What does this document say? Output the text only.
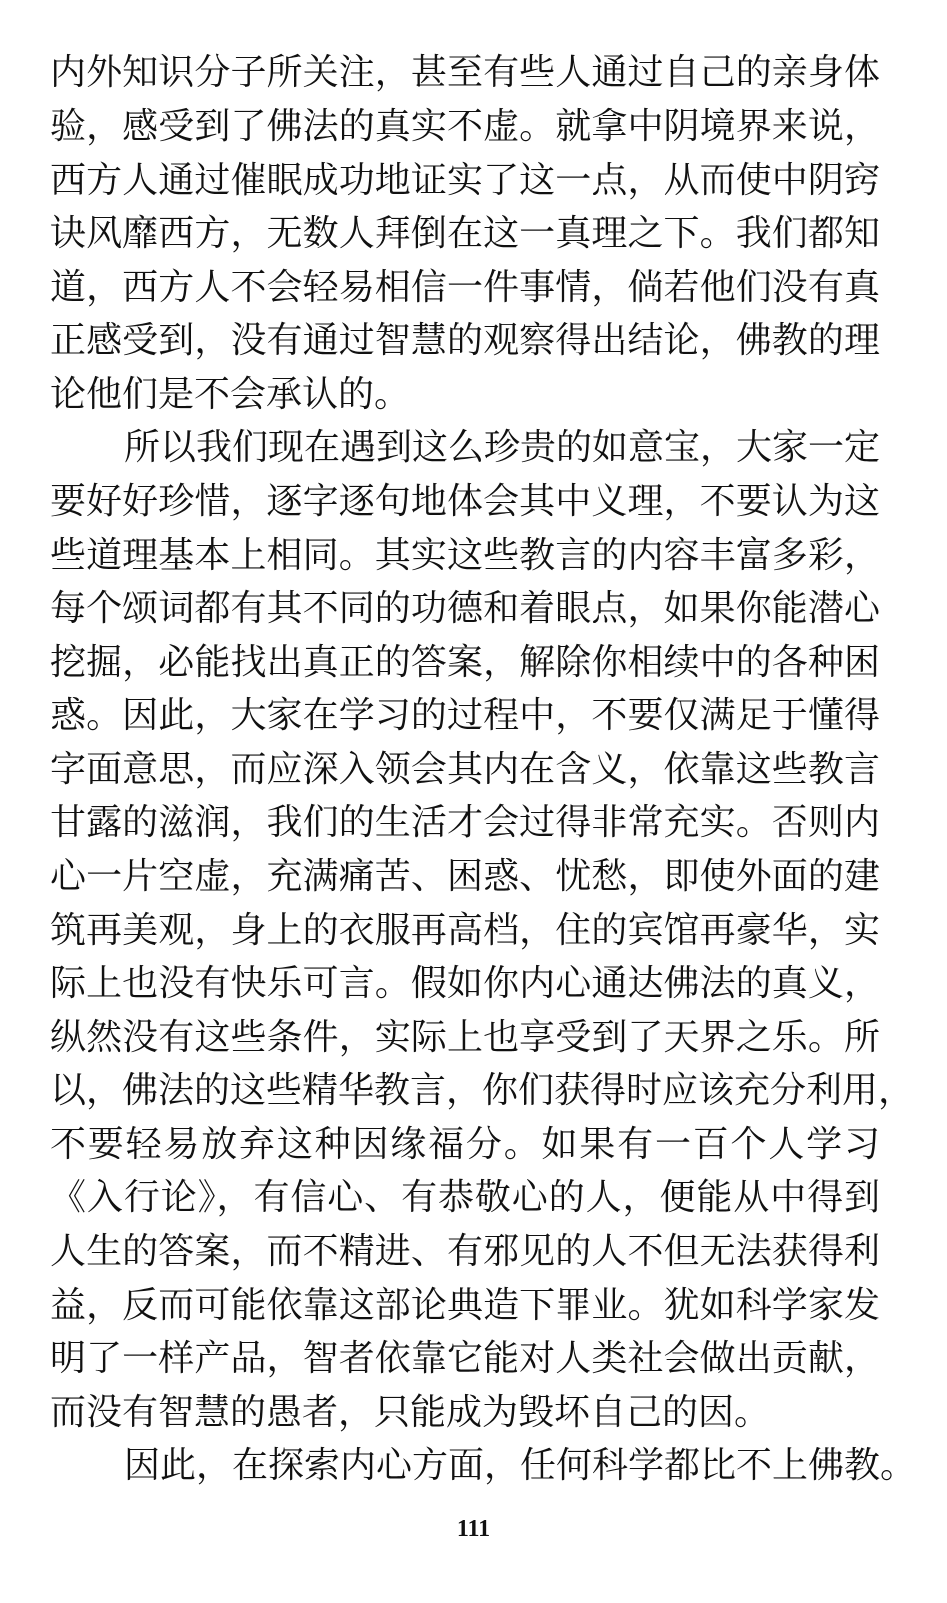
内外知识分子所关注，甚至有些人通过自己的亲身体
验，感受到了佛法的真实不虚。就拿中阴境界来说，
西方人通过催眠成功地证实了这一点，从而使中阴窍
诀风靡西方，无数人拜倒在这一真理之下。我们都知
道，西方人不会轻易相信一件事情，倘若他们没有真
正感受到，没有通过智慧的观察得出结论，佛教的理
论他们是不会承认的。
所以我们现在遇到这么珍贵的如意宝，大家一定
要好好珍惜，逐字逐句地体会其中义理，不要认为这
些道理基本上相同。其实这些教言的内容丰富多彩，
每个颂词都有其不同的功德和着眼点，如果你能潜心
挖掘，必能找出真正的答案，解除你相续中的各种困
惑。因此，大家在学习的过程中，不要仅满足于懂得
字面意思，而应深入领会其内在含义，依靠这些教言
甘露的滋润，我们的生活才会过得非常充实。否则内
心一片空虚，充满痛苦、困惑、忧愁，即使外面的建
筑再美观，身上的衣服再高档，住的宾馆再豪华，实
际上也没有快乐可言。假如你内心通达佛法的真义，
纵然没有这些条件，实际上也享受到了天界之乐。所
以，佛法的这些精华教言，你们获得时应该充分利用，
不要轻易放弃这种因缘福分。如果有一百个人学习
《入行论》，有信心、有恭敬心的人，便能从中得到
人生的答案，而不精进、有邪见的人不但无法获得利
益，反而可能依靠这部论典造下罪业。犹如科学家发
明了一样产品，智者依靠它能对人类社会做出贡献，
而没有智慧的愚者，只能成为毁坏自己的因。
因此，在探索内心方面，任何科学都比不上佛教。
111
